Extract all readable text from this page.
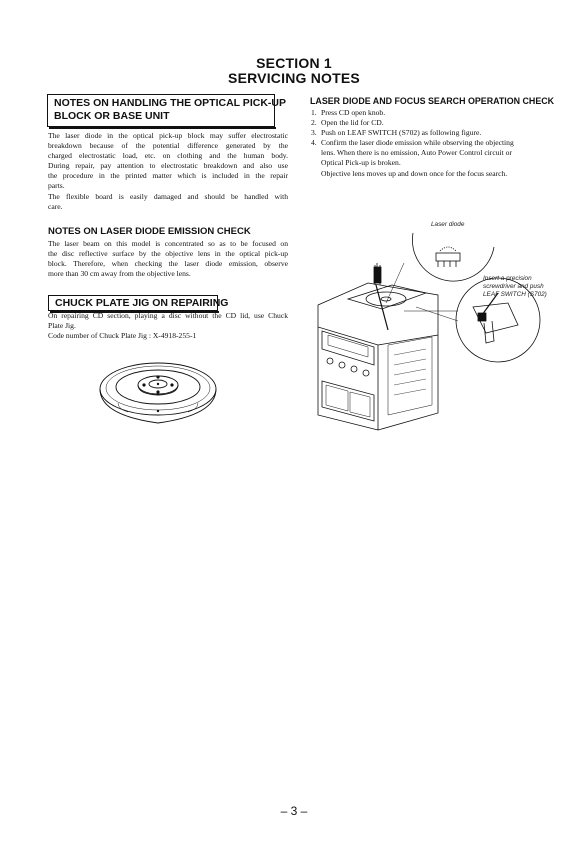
SECTION 1
SERVICING NOTES
NOTES ON HANDLING THE OPTICAL PICK-UP
BLOCK OR BASE UNIT
The laser diode in the optical pick-up block may suffer electrostatic
breakdown because of the potential difference generated by the
charged electrostatic load, etc. on clothing and the human body.
During repair, pay attention to electrostatic breakdown and also use
the procedure in the printed matter which is included in the repair
parts.
The flexible board is easily damaged and should be handled with
care.
NOTES ON LASER DIODE EMISSION CHECK
The laser beam on this model is concentrated so as to be focused on
the disc reflective surface by the objective lens in the optical pick-up
block. Therefore, when checking the laser diode emission, observe
more than 30 cm away from the objective lens.
CHUCK PLATE JIG ON REPAIRING
On repairing CD section, playing a disc without the CD lid, use Chuck
Plate Jig.
Code number of Chuck Plate Jig : X-4918-255-1
LASER DIODE AND FOCUS SEARCH OPERATION CHECK
1. Press CD open knob.
2. Open the lid for CD.
3. Push on LEAF SWITCH (S702) as following figure.
4. Confirm the laser diode emission while observing the objecting
lens. When there is no emission, Auto Power Control circuit or
Optical Pick-up is broken.
Objective lens moves up and down once for the focus search.
Laser diode
Insert a precision
screwdriver and push
LEAF SWITCH (S702)
– 3 –
